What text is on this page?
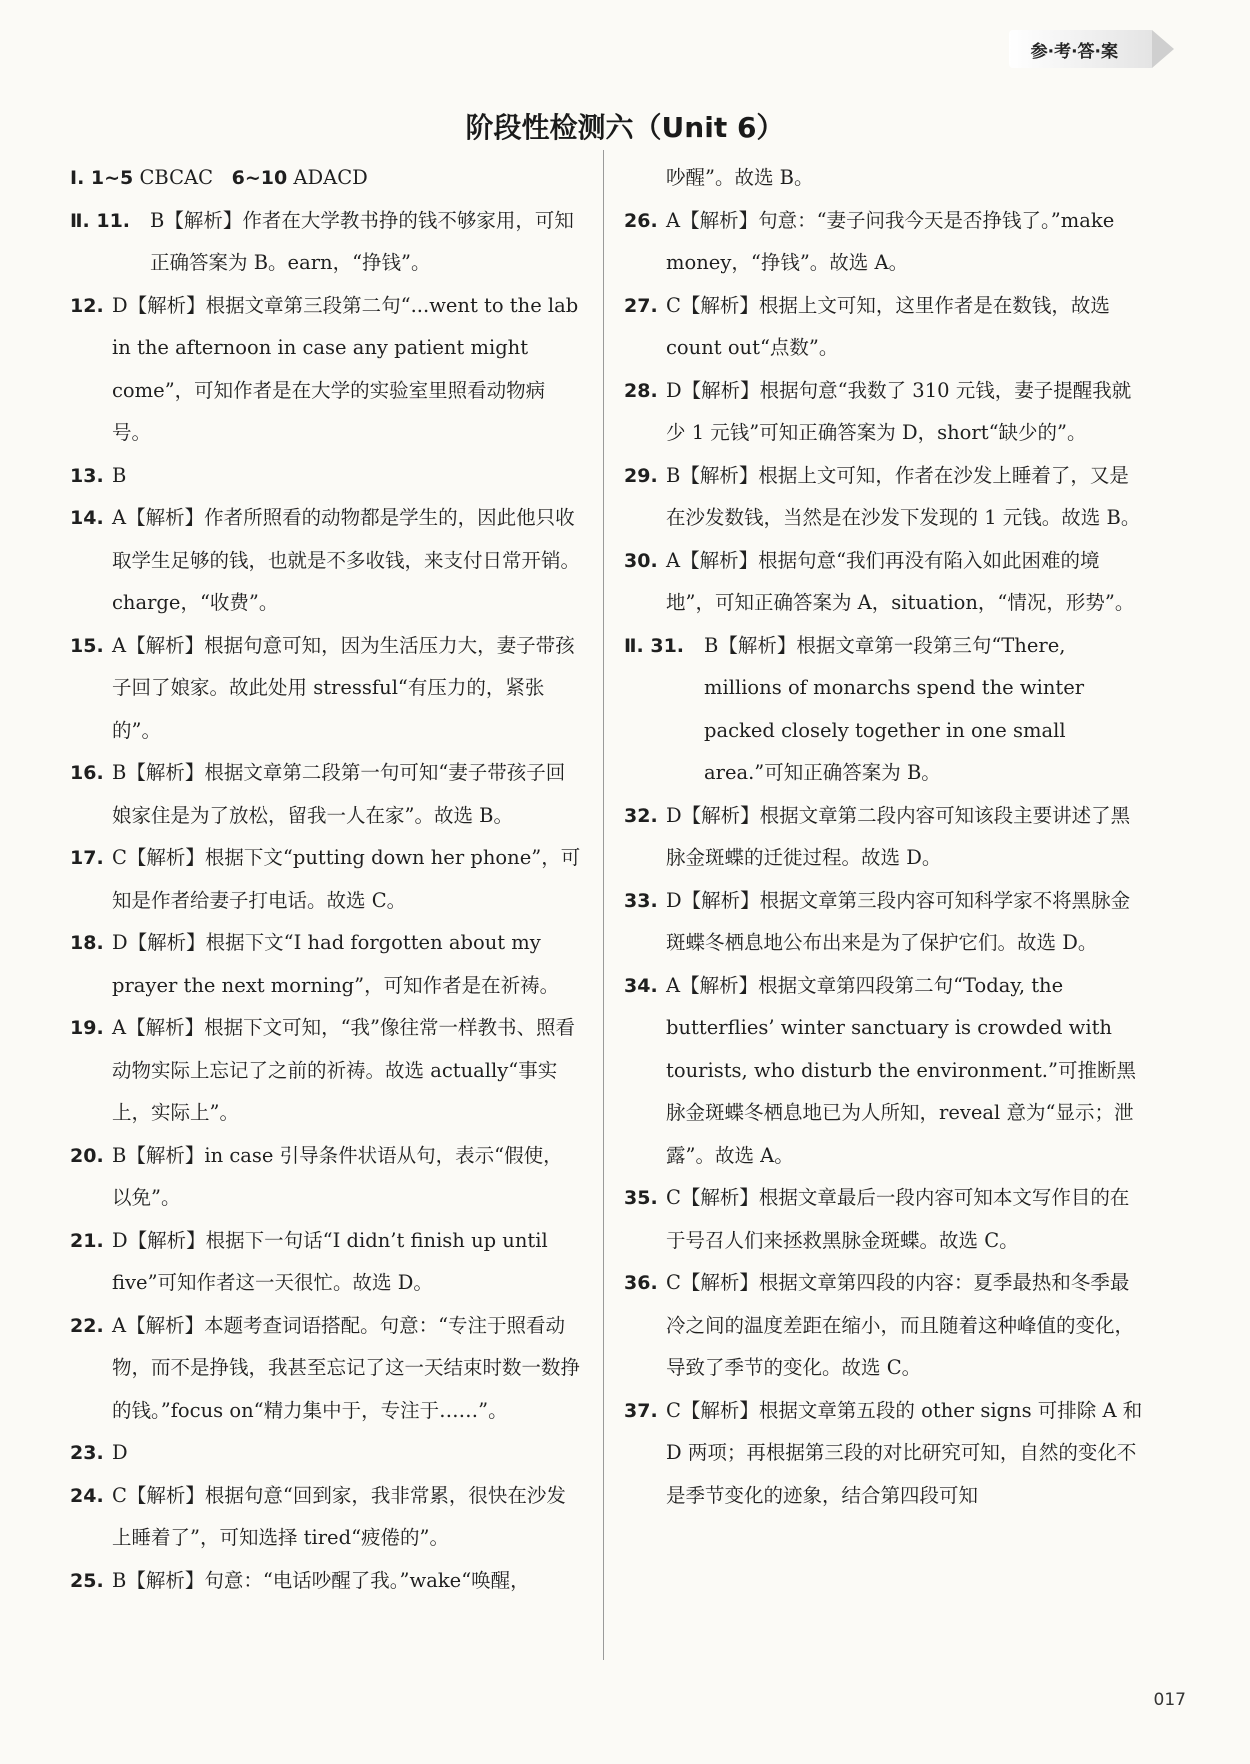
参·考·答·案
阶段性检测六（Unit 6）
Ⅰ. 1~5 CBCAC 6~10 ADACD
Ⅱ. 11. B【解析】作者在大学教书挣的钱不够家用，可知正确答案为 B。earn，“挣钱”。
12. D【解析】根据文章第三段第二句“...went to the lab in the afternoon in case any patient might come”，可知作者是在大学的实验室里照看动物病号。
13. B
14. A【解析】作者所照看的动物都是学生的，因此他只收取学生足够的钱，也就是不多收钱，来支付日常开销。charge，“收费”。
15. A【解析】根据句意可知，因为生活压力大，妻子带孩子回了娘家。故此处用 stressful“有压力的，紧张的”。
16. B【解析】根据文章第二段第一句可知“妻子带孩子回娘家住是为了放松，留我一人在家”。故选 B。
17. C【解析】根据下文“putting down her phone”，可知是作者给妻子打电话。故选 C。
18. D【解析】根据下文“I had forgotten about my prayer the next morning”，可知作者是在祈祷。
19. A【解析】根据下文可知，“我”像往常一样教书、照看动物实际上忘记了之前的祈祷。故选 actually“事实上，实际上”。
20. B【解析】in case 引导条件状语从句，表示“假使，以免”。
21. D【解析】根据下一句话“I didn’t finish up until five”可知作者这一天很忙。故选 D。
22. A【解析】本题考查词语搭配。句意：“专注于照看动物，而不是挣钱，我甚至忘记了这一天结束时数一数挣的钱。”focus on“精力集中于，专注于……”。
23. D
24. C【解析】根据句意“回到家，我非常累，很快在沙发上睡着了”，可知选择 tired“疲倦的”。
25. B【解析】句意：“电话吵醒了我。”wake“唤醒，
吵醒”。故选 B。
26. A【解析】句意：“妻子问我今天是否挣钱了。”make money，“挣钱”。故选 A。
27. C【解析】根据上文可知，这里作者是在数钱，故选 count out“点数”。
28. D【解析】根据句意“我数了 310 元钱，妻子提醒我就少 1 元钱”可知正确答案为 D，short“缺少的”。
29. B【解析】根据上文可知，作者在沙发上睡着了，又是在沙发数钱，当然是在沙发下发现的 1 元钱。故选 B。
30. A【解析】根据句意“我们再没有陷入如此困难的境地”，可知正确答案为 A，situation，“情况，形势”。
Ⅱ. 31. B【解析】根据文章第一段第三句“There, millions of monarchs spend the winter packed closely together in one small area.”可知正确答案为 B。
32. D【解析】根据文章第二段内容可知该段主要讲述了黑脉金斑蝶的迁徙过程。故选 D。
33. D【解析】根据文章第三段内容可知科学家不将黑脉金斑蝶冬栖息地公布出来是为了保护它们。故选 D。
34. A【解析】根据文章第四段第二句“Today, the butterflies’ winter sanctuary is crowded with tourists, who disturb the environment.”可推断黑脉金斑蝶冬栖息地已为人所知，reveal 意为“显示；泄露”。故选 A。
35. C【解析】根据文章最后一段内容可知本文写作目的在于号召人们来拯救黑脉金斑蝶。故选 C。
36. C【解析】根据文章第四段的内容：夏季最热和冬季最冷之间的温度差距在缩小，而且随着这种峰值的变化，导致了季节的变化。故选 C。
37. C【解析】根据文章第五段的 other signs 可排除 A 和 D 两项；再根据第三段的对比研究可知，自然的变化不是季节变化的迹象，结合第四段可知
017
